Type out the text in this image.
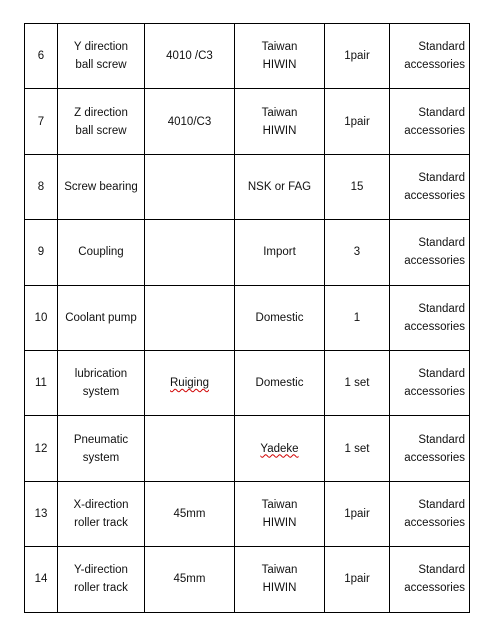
6	Y direction
ball screw	4010 /C3	Taiwan
HIWIN	1pair	Standard
accessories
7	Z direction
ball screw	4010/C3	Taiwan
HIWIN	1pair	Standard
accessories
8	Screw bearing		NSK or FAG	15	Standard
accessories
9	Coupling		Import	3	Standard
accessories
10	Coolant pump		Domestic	1	Standard
accessories
11	lubrication
system	Ruiging	Domestic	1 set	Standard
accessories
12	Pneumatic
system		Yadeke	1 set	Standard
accessories
13	X-direction
roller track	45mm	Taiwan
HIWIN	1pair	Standard
accessories
14	Y-direction
roller track	45mm	Taiwan
HIWIN	1pair	Standard
accessories
